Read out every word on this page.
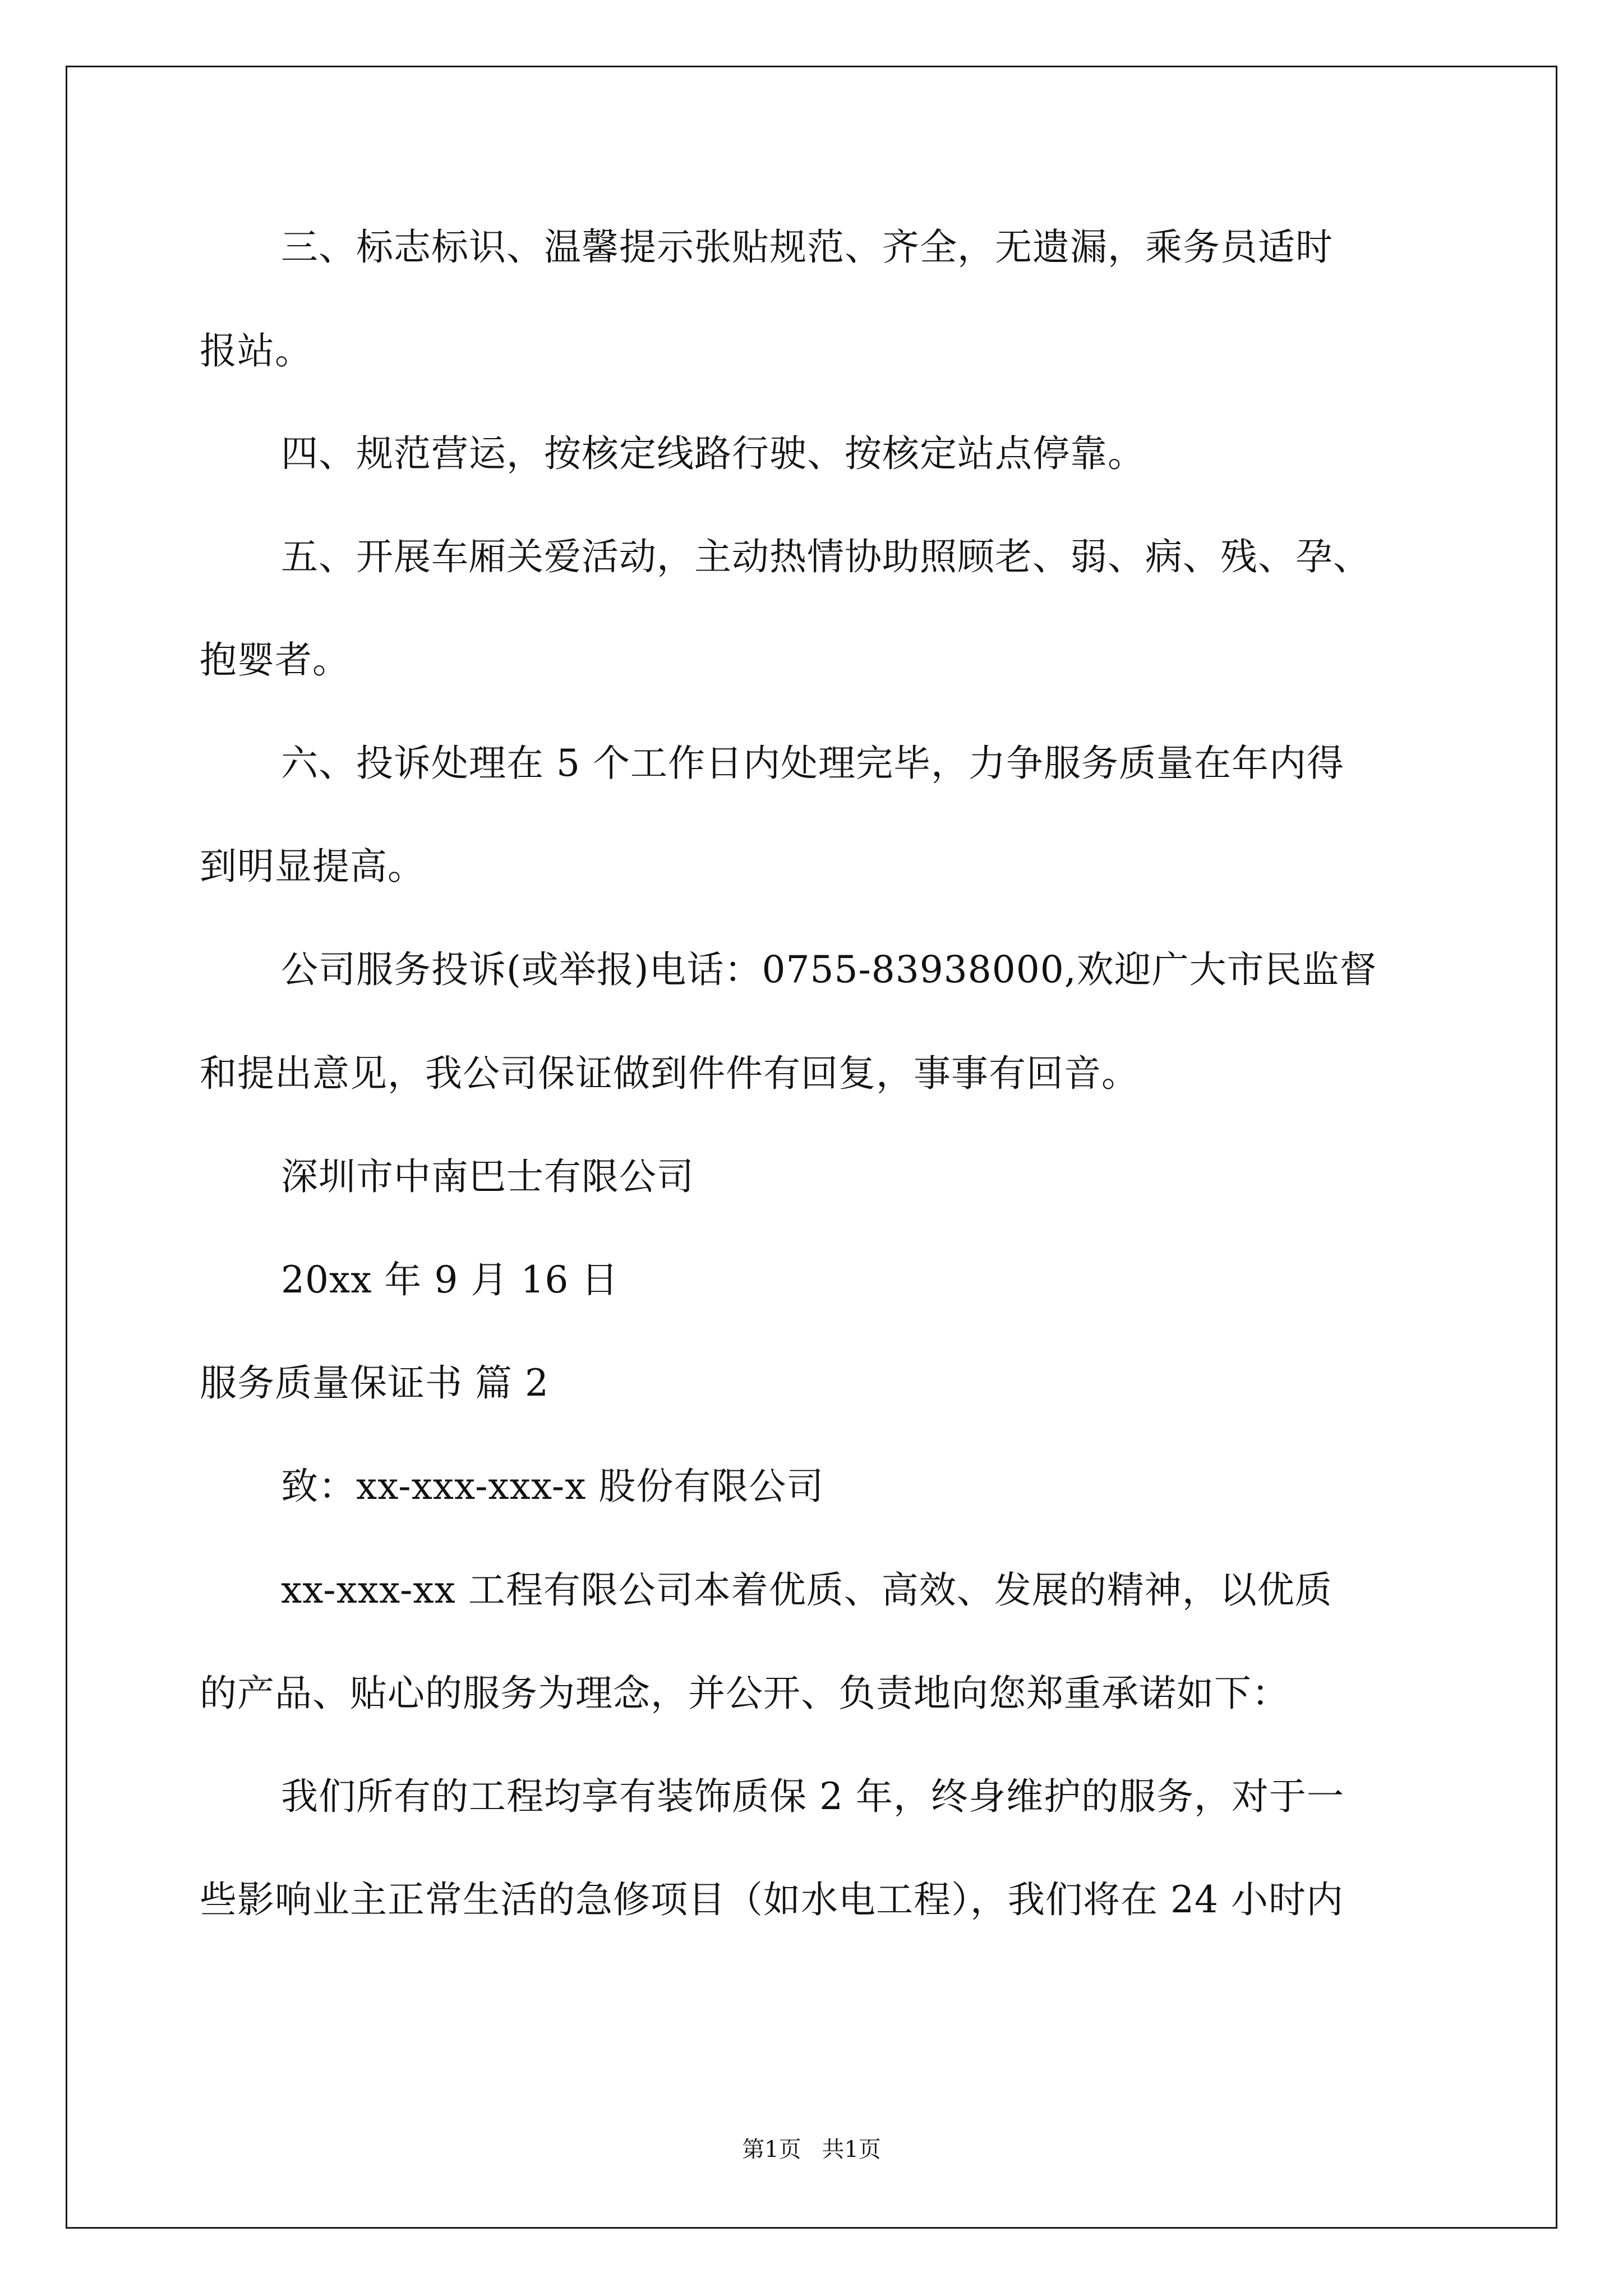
三、标志标识、温馨提示张贴规范、齐全，无遗漏，乘务员适时
报站。
四、规范营运，按核定线路行驶、按核定站点停靠。
五、开展车厢关爱活动，主动热情协助照顾老、弱、病、残、孕、
抱婴者。
六、投诉处理在 5 个工作日内处理完毕，力争服务质量在年内得
到明显提高。
公司服务投诉(或举报)电话：0755-83938000,欢迎广大市民监督
和提出意见，我公司保证做到件件有回复，事事有回音。
深圳市中南巴士有限公司
20xx 年 9 月 16 日
服务质量保证书 篇 2
致：xx-xxx-xxx-x 股份有限公司
xx-xxx-xx 工程有限公司本着优质、高效、发展的精神，以优质
的产品、贴心的服务为理念，并公开、负责地向您郑重承诺如下：
我们所有的工程均享有装饰质保 2 年，终身维护的服务，对于一
些影响业主正常生活的急修项目（如水电工程），我们将在 24 小时内
第1页 共1页
